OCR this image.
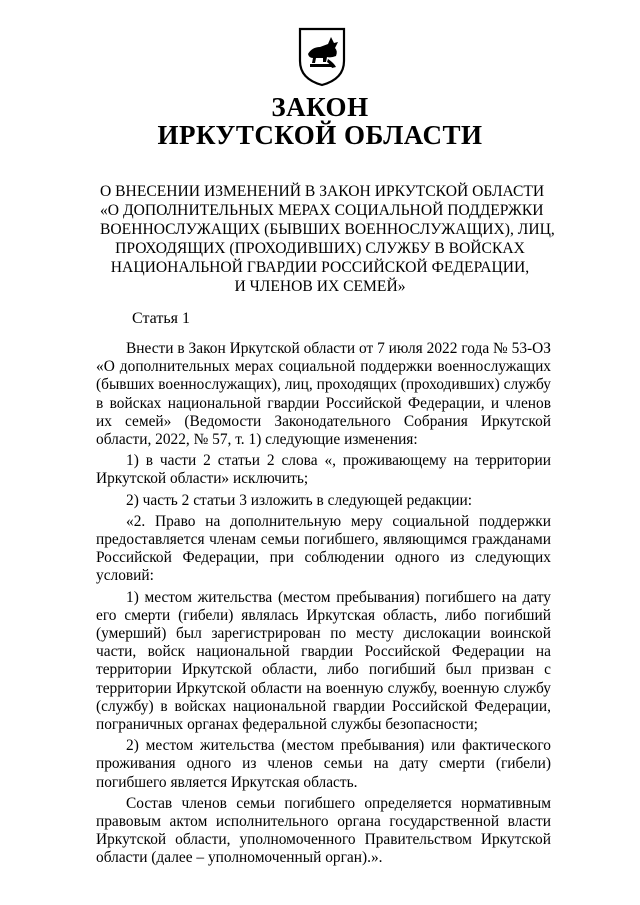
ЗАКОН
ИРКУТСКОЙ ОБЛАСТИ
О ВНЕСЕНИИ ИЗМЕНЕНИЙ В ЗАКОН ИРКУТСКОЙ ОБЛАСТИ
«О ДОПОЛНИТЕЛЬНЫХ МЕРАХ СОЦИАЛЬНОЙ ПОДДЕРЖКИ
ВОЕННОСЛУЖАЩИХ (БЫВШИХ ВОЕННОСЛУЖАЩИХ), ЛИЦ,
ПРОХОДЯЩИХ (ПРОХОДИВШИХ) СЛУЖБУ В ВОЙСКАХ
НАЦИОНАЛЬНОЙ ГВАРДИИ РОССИЙСКОЙ ФЕДЕРАЦИИ,
И ЧЛЕНОВ ИХ СЕМЕЙ»
Статья 1

Внести в Закон Иркутской области от 7 июля 2022 года № 53-ОЗ «О дополнительных мерах социальной поддержки военнослужащих (бывших военнослужащих), лиц, проходящих (проходивших) службу в войсках национальной гвардии Российской Федерации, и членов их семей» (Ведомости Законодательного Собрания Иркутской области, 2022, № 57, т. 1) следующие изменения:

1) в части 2 статьи 2 слова «, проживающему на территории Иркутской области» исключить;

2) часть 2 статьи 3 изложить в следующей редакции:

«2. Право на дополнительную меру социальной поддержки предоставляется членам семьи погибшего, являющимся гражданами Российской Федерации, при соблюдении одного из следующих условий:

1) местом жительства (местом пребывания) погибшего на дату его смерти (гибели) являлась Иркутская область, либо погибший (умерший) был зарегистрирован по месту дислокации воинской части, войск национальной гвардии Российской Федерации на территории Иркутской области, либо погибший был призван с территории Иркутской области на военную службу, военную службу (службу) в войсках национальной гвардии Российской Федерации, пограничных органах федеральной службы безопасности;

2) местом жительства (местом пребывания) или фактического проживания одного из членов семьи на дату смерти (гибели) погибшего является Иркутская область.

Состав членов семьи погибшего определяется нормативным правовым актом исполнительного органа государственной власти Иркутской области, уполномоченного Правительством Иркутской области (далее – уполномоченный орган).».
